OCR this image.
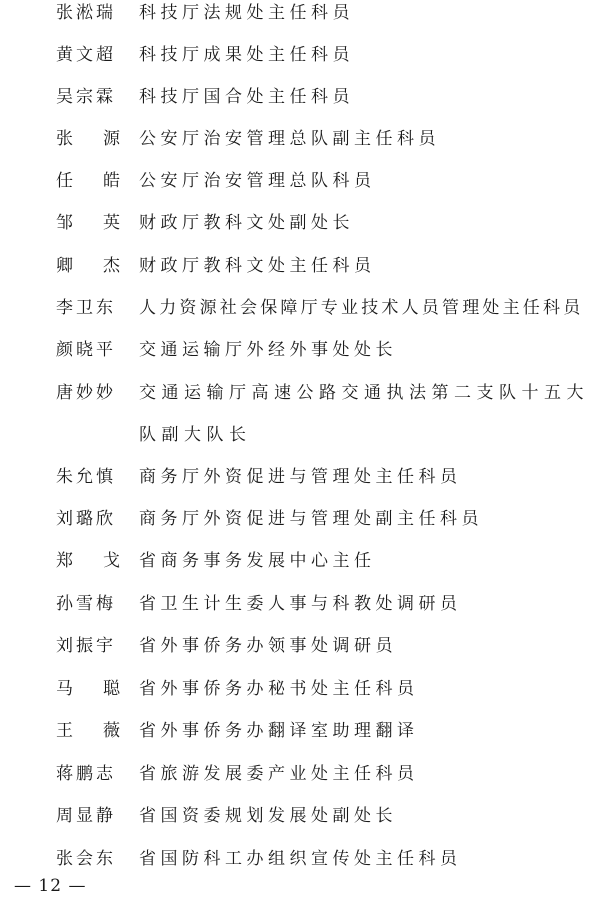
张淞瑞 科技厅法规处主任科员
黄文超 科技厅成果处主任科员
吴宗霖 科技厅国合处主任科员
张 源 公安厅治安管理总队副主任科员
任 皓 公安厅治安管理总队科员
邹 英 财政厅教科文处副处长
卿 杰 财政厅教科文处主任科员
李卫东 人力资源社会保障厅专业技术人员管理处主任科员
颜晓平 交通运输厅外经外事处处长
唐妙妙 交通运输厅高速公路交通执法第二支队十五大队副大队长
朱允慎 商务厅外资促进与管理处主任科员
刘璐欣 商务厅外资促进与管理处副主任科员
郑 戈 省商务事务发展中心主任
孙雪梅 省卫生计生委人事与科教处调研员
刘振宇 省外事侨务办领事处调研员
马 聪 省外事侨务办秘书处主任科员
王 薇 省外事侨务办翻译室助理翻译
蒋鹏志 省旅游发展委产业处主任科员
周显静 省国资委规划发展处副处长
张会东 省国防科工办组织宣传处主任科员
— 12 —
